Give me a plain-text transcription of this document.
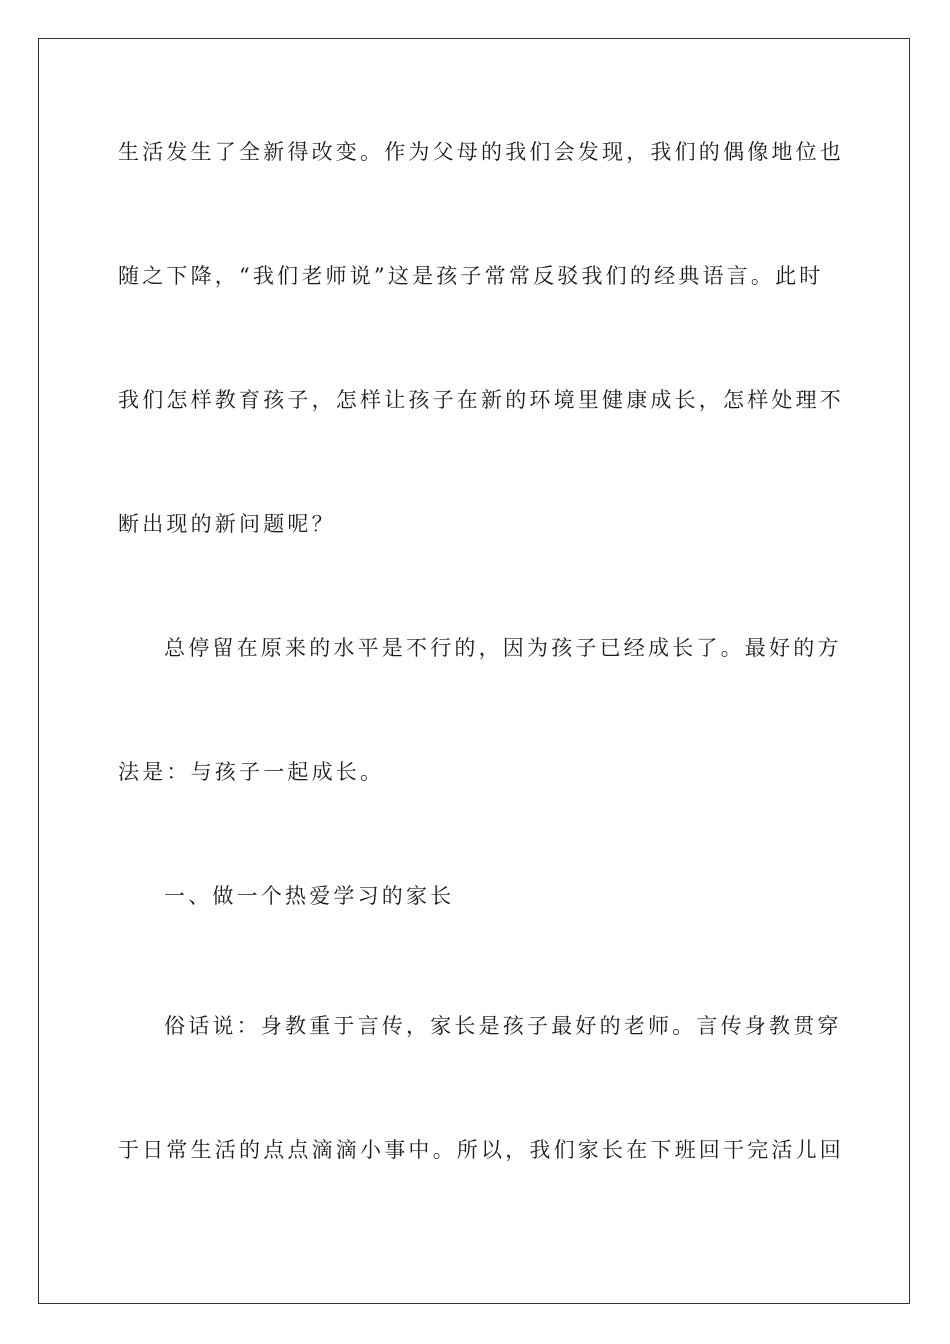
生活发生了全新得改变。作为父母的我们会发现，我们的偶像地位也
随之下降，“我们老师说”这是孩子常常反驳我们的经典语言。此时
我们怎样教育孩子，怎样让孩子在新的环境里健康成长，怎样处理不
断出现的新问题呢？
总停留在原来的水平是不行的，因为孩子已经成长了。最好的方
法是：与孩子一起成长。
一、做一个热爱学习的家长
俗话说：身教重于言传，家长是孩子最好的老师。言传身教贯穿
于日常生活的点点滴滴小事中。所以，我们家长在下班回干完活儿回
